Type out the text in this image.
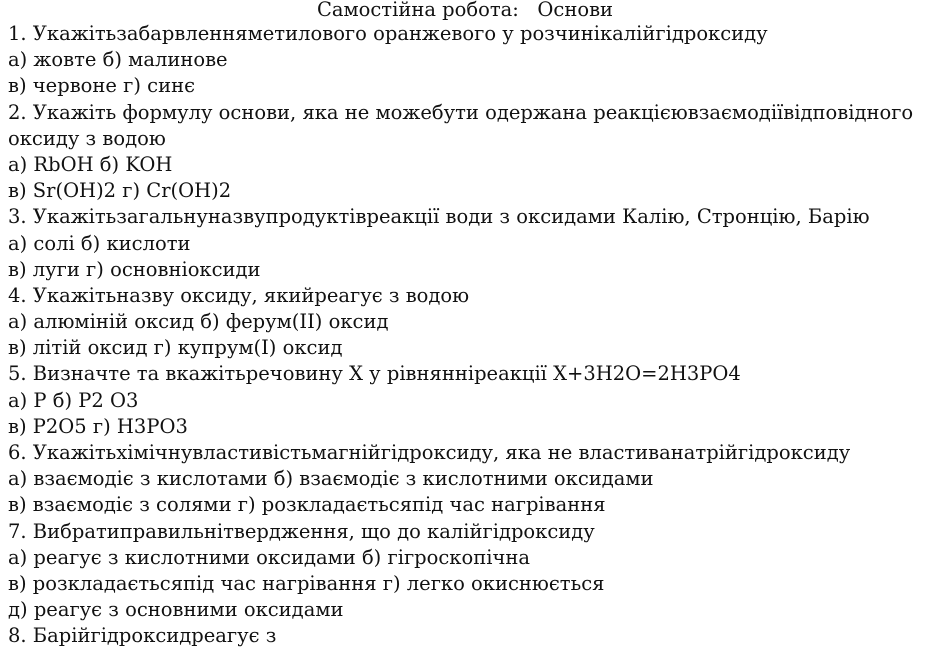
Самостійна робота:   Основи
1. Укажітьзабарвленняметилового оранжевого у розчинікалійгідроксиду
а) жовте б) малинове
в) червоне г) синє
2. Укажіть формулу основи, яка не можебути одержана реакцієювзаємодіївідповідного
оксиду з водою
а) RbOH б) KOH
в) Sr(OH)2 г) Cr(OH)2
3. Укажітьзагальнуназвупродуктівреакції води з оксидами Калію, Стронцію, Барію
а) солі б) кислоти
в) луги г) основніоксиди
4. Укажітьназву оксиду, якийреагує з водою
а) алюміній оксид б) ферум(II) оксид
в) літій оксид г) купрум(I) оксид
5. Визначте та вкажітьречовину X у рівнянніреакції X+3H2O=2H3PO4
а) P б) P2 O3
в) P2O5 г) H3PO3
6. Укажітьхімічнувластивістьмагнійгідроксиду, яка не властиванатрійгідроксиду
а) взаємодіє з кислотами б) взаємодіє з кислотними оксидами
в) взаємодіє з солями г) розкладаєтьсяпід час нагрівання
7. Вибратиправильнітвердження, що до калійгідроксиду
а) реагує з кислотними оксидами б) гігроскопічна
в) розкладаєтьсяпід час нагрівання г) легко окиснюється
д) реагує з основними оксидами
8. Барійгідроксидреагує з
